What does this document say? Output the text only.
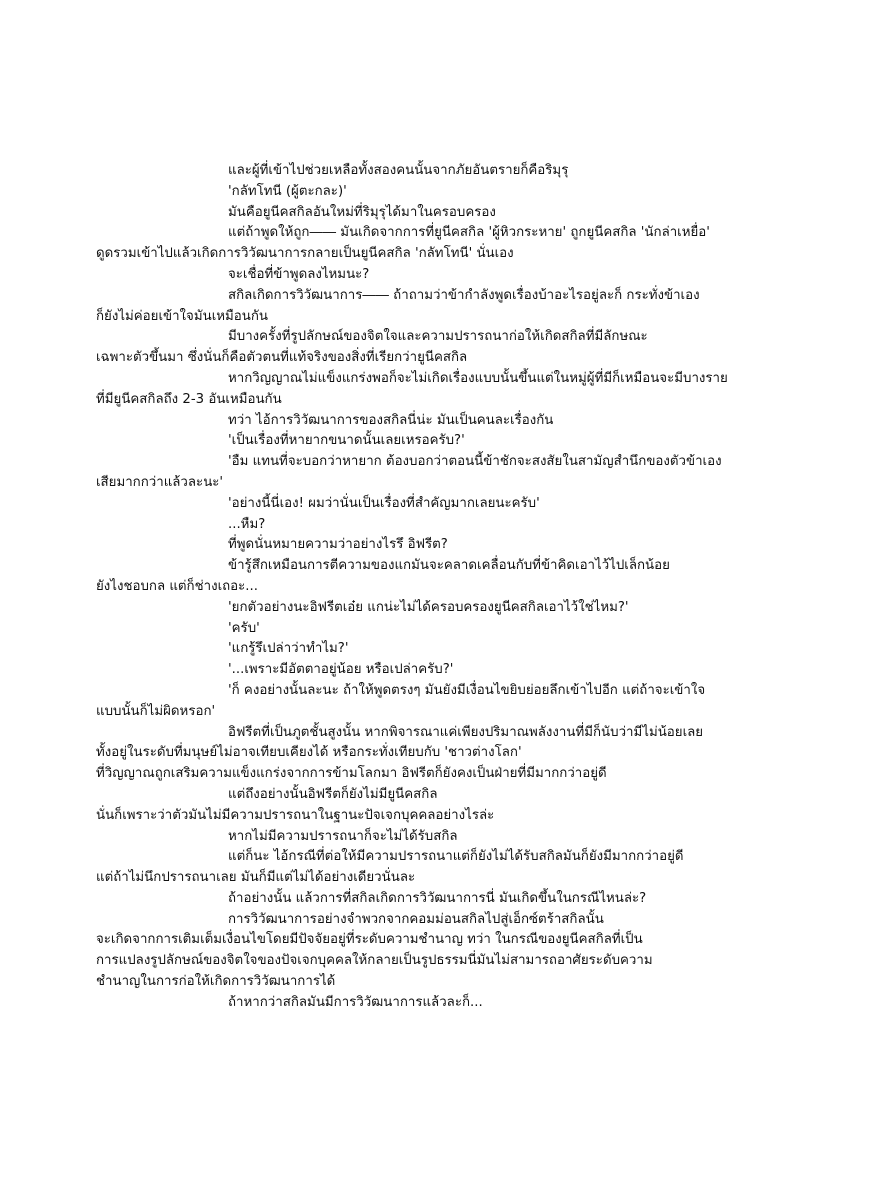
และผู้ที่เข้าไปช่วยเหลือทั้งสองคนนั้นจากภัยอันตรายก็คือริมุรุ
'กลัทโทนี (ผู้ตะกละ)'
มันคือยูนีคสกิลอันใหม่ที่ริมุรุได้มาในครอบครอง
แต่ถ้าพูดให้ถูก―― มันเกิดจากการที่ยูนีคสกิล 'ผู้หิวกระหาย' ถูกยูนีคสกิล 'นักล่าเหยื่อ'
ดูดรวมเข้าไปแล้วเกิดการวิวัฒนาการกลายเป็นยูนีคสกิล 'กลัทโทนี' นั่นเอง
จะเชื่อที่ข้าพูดลงไหมนะ?
สกิลเกิดการวิวัฒนาการ―― ถ้าถามว่าข้ากำลังพูดเรื่องบ้าอะไรอยู่ละก็ กระทั่งข้าเอง
ก็ยังไม่ค่อยเข้าใจมันเหมือนกัน
มีบางครั้งที่รูปลักษณ์ของจิตใจและความปรารถนาก่อให้เกิดสกิลที่มีลักษณะ
เฉพาะตัวขึ้นมา ซึ่งนั่นก็คือตัวตนที่แท้จริงของสิ่งที่เรียกว่ายูนีคสกิล
หากวิญญาณไม่แข็งแกร่งพอก็จะไม่เกิดเรื่องแบบนั้นขึ้นแต่ในหมู่ผู้ที่มีก็เหมือนจะมีบางราย
ที่มียูนีคสกิลถึง 2-3 อันเหมือนกัน
ทว่า ไอ้การวิวัฒนาการของสกิลนี่น่ะ มันเป็นคนละเรื่องกัน
'เป็นเรื่องที่หายากขนาดนั้นเลยเหรอครับ?'
'อืม แทนที่จะบอกว่าหายาก ต้องบอกว่าตอนนี้ข้าชักจะสงสัยในสามัญสำนึกของตัวข้าเอง
เสียมากกว่าแล้วละนะ'
'อย่างนี้นี่เอง! ผมว่านั่นเป็นเรื่องที่สำคัญมากเลยนะครับ'
...หืม?
ที่พูดนั่นหมายความว่าอย่างไรรึ อิฟรีต?
ข้ารู้สึกเหมือนการตีความของแกมันจะคลาดเคลื่อนกับที่ข้าคิดเอาไว้ไปเล็กน้อย
ยังไงชอบกล แต่ก็ช่างเถอะ...
'ยกตัวอย่างนะอิฟรีตเอ๋ย แกน่ะไม่ได้ครอบครองยูนีคสกิลเอาไว้ใช่ไหม?'
'ครับ'
'แกรู้รึเปล่าว่าทำไม?'
'...เพราะมีอัตตาอยู่น้อย หรือเปล่าครับ?'
'ก็ คงอย่างนั้นละนะ ถ้าให้พูดตรงๆ มันยังมีเงื่อนไขยิบย่อยลึกเข้าไปอีก แต่ถ้าจะเข้าใจ
แบบนั้นก็ไม่ผิดหรอก'
อิฟรีตที่เป็นภูตชั้นสูงนั้น หากพิจารณาแค่เพียงปริมาณพลังงานที่มีก็นับว่ามีไม่น้อยเลย
ทั้งอยู่ในระดับที่มนุษย์ไม่อาจเทียบเคียงได้ หรือกระทั่งเทียบกับ 'ชาวต่างโลก'
ที่วิญญาณถูกเสริมความแข็งแกร่งจากการข้ามโลกมา อิฟรีตก็ยังคงเป็นฝ่ายที่มีมากกว่าอยู่ดี
แต่ถึงอย่างนั้นอิฟรีตก็ยังไม่มียูนีคสกิล
นั่นก็เพราะว่าตัวมันไม่มีความปรารถนาในฐานะปัจเจกบุคคลอย่างไรล่ะ
หากไม่มีความปรารถนาก็จะไม่ได้รับสกิล
แต่ก็นะ ไอ้กรณีที่ต่อให้มีความปรารถนาแต่ก็ยังไม่ได้รับสกิลมันก็ยังมีมากกว่าอยู่ดี
แต่ถ้าไม่นึกปรารถนาเลย มันก็มีแต่ไม่ได้อย่างเดียวนั่นละ
ถ้าอย่างนั้น แล้วการที่สกิลเกิดการวิวัฒนาการนี่ มันเกิดขึ้นในกรณีไหนล่ะ?
การวิวัฒนาการอย่างจำพวกจากคอมม่อนสกิลไปสู่เอ็กซ์ตร้าสกิลนั้น
จะเกิดจากการเติมเต็มเงื่อนไขโดยมีปัจจัยอยู่ที่ระดับความชำนาญ ทว่า ในกรณีของยูนีคสกิลที่เป็น
การแปลงรูปลักษณ์ของจิตใจของปัจเจกบุคคลให้กลายเป็นรูปธรรมนี่มันไม่สามารถอาศัยระดับความ
ชำนาญในการก่อให้เกิดการวิวัฒนาการได้
ถ้าหากว่าสกิลมันมีการวิวัฒนาการแล้วละก็...
